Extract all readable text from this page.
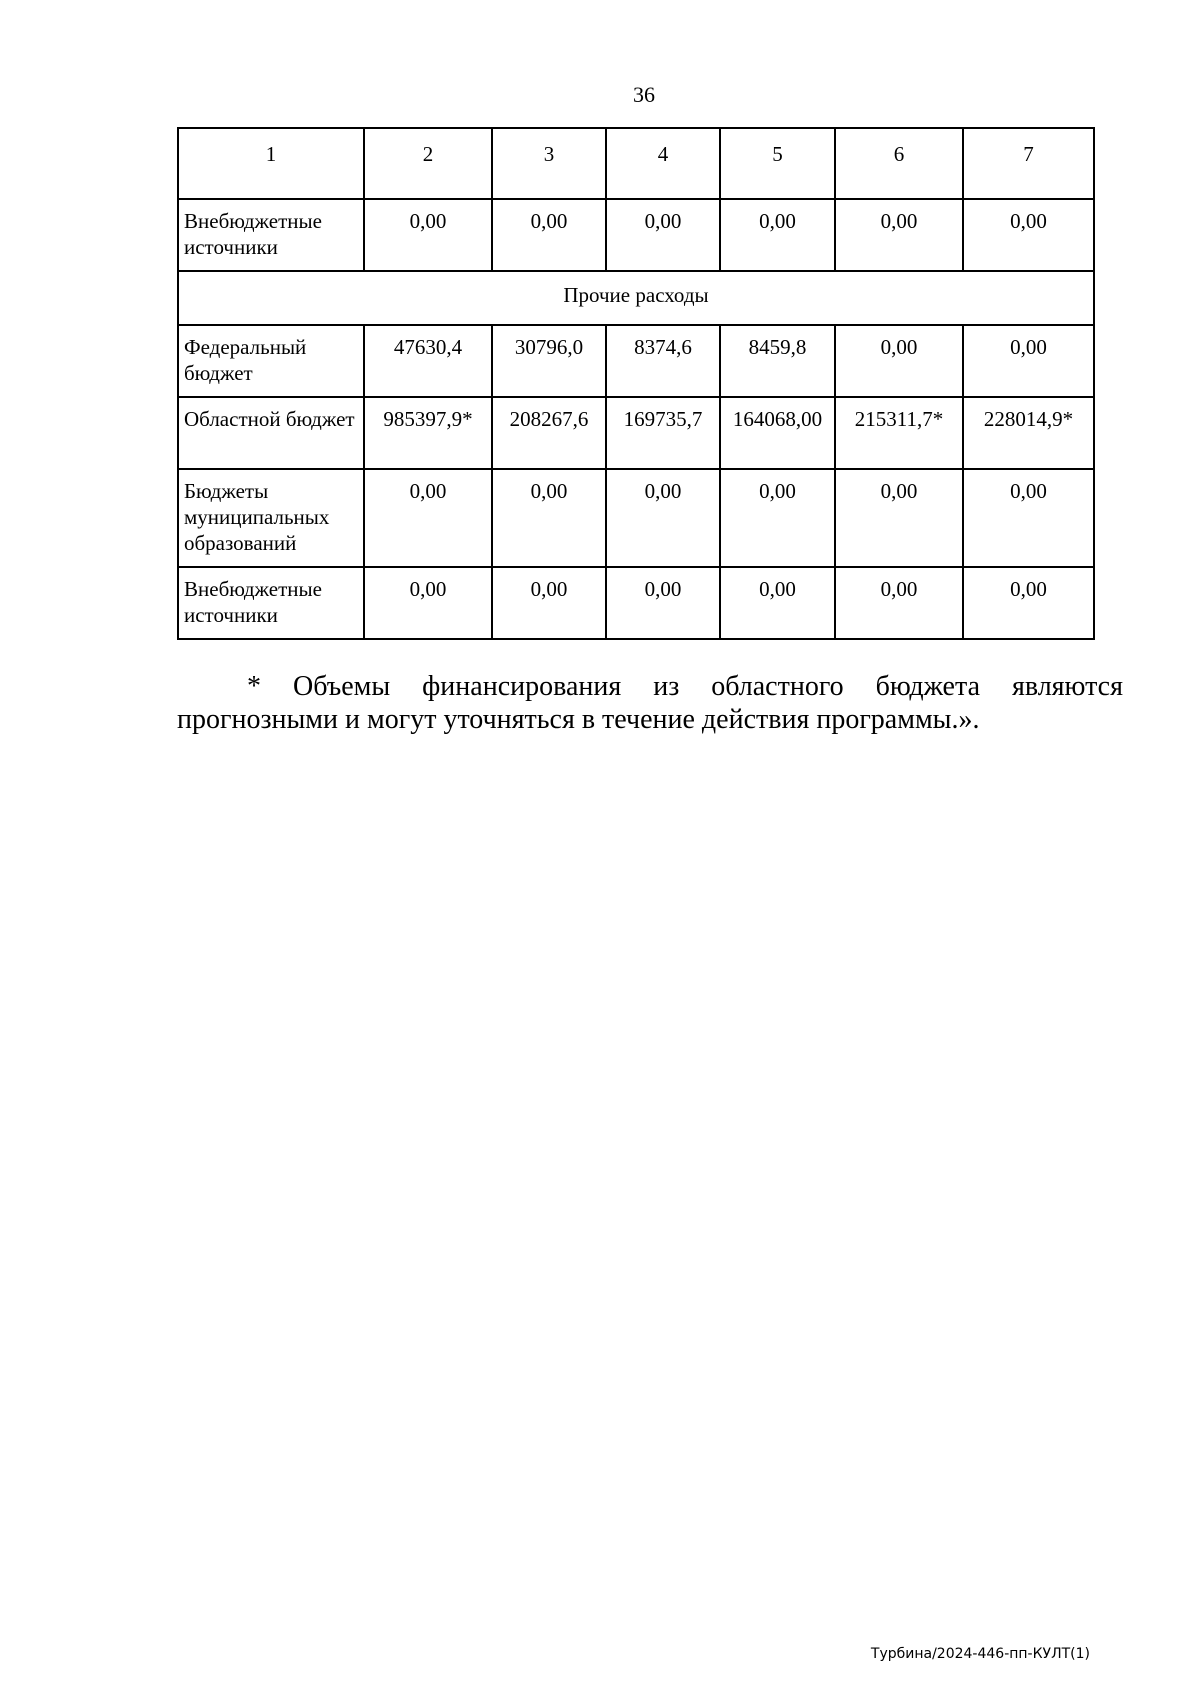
36
1	2	3	4	5	6	7
Внебюджетные источники	0,00	0,00	0,00	0,00	0,00	0,00
Прочие расходы						
Федеральный бюджет	47630,4	30796,0	8374,6	8459,8	0,00	0,00
Областной бюджет	985397,9*	208267,6	169735,7	164068,00	215311,7*	228014,9*
Бюджеты муниципальных образований	0,00	0,00	0,00	0,00	0,00	0,00
Внебюджетные источники	0,00	0,00	0,00	0,00	0,00	0,00
* Объемы финансирования из областного бюджета являются
прогнозными и могут уточняться в течение действия программы.».
Турбина/2024-446-пп-КУЛТ(1)
